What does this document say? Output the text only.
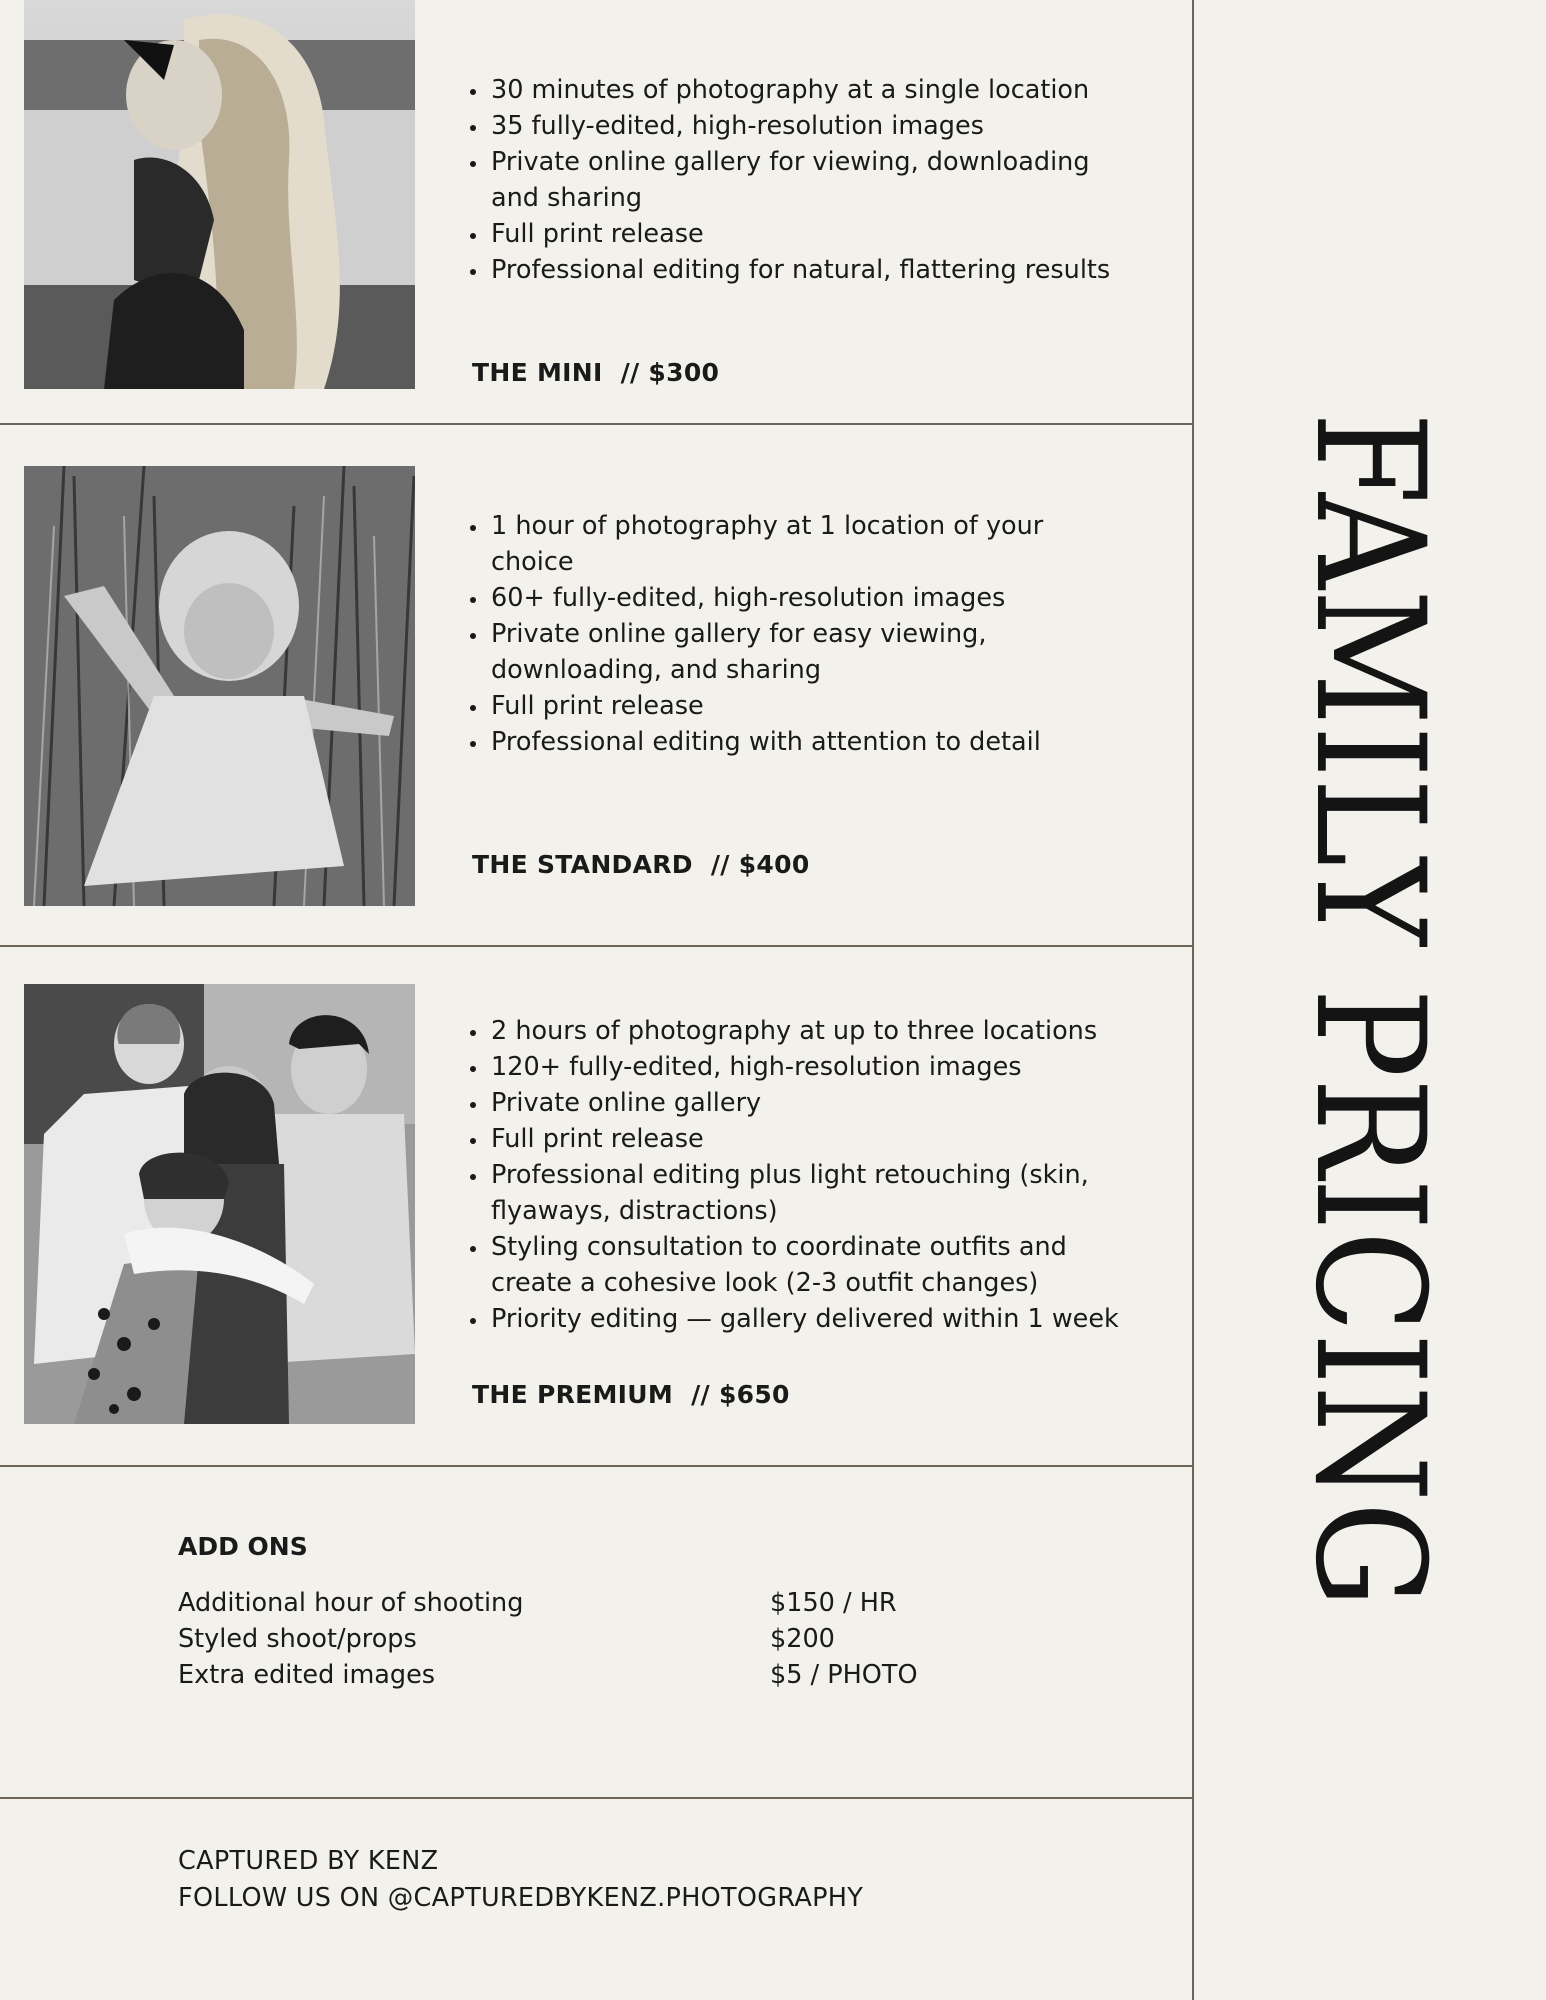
• 30 minutes of photography at a single location
• 35 fully-edited, high-resolution images
• Private online gallery for viewing, downloading and sharing
• Full print release
• Professional editing for natural, flattering results
THE MINI  // $300
• 1 hour of photography at 1 location of your choice
• 60+ fully-edited, high-resolution images
• Private online gallery for easy viewing, downloading, and sharing
• Full print release
• Professional editing with attention to detail
THE STANDARD  // $400
• 2 hours of photography at up to three locations
• 120+ fully-edited, high-resolution images
• Private online gallery
• Full print release
• Professional editing plus light retouching (skin, flyaways, distractions)
• Styling consultation to coordinate outfits and create a cohesive look (2-3 outfit changes)
• Priority editing — gallery delivered within 1 week
THE PREMIUM  // $650
ADD ONS
Additional hour of shooting	$150 / HR
Styled shoot/props	$200
Extra edited images	$5 / PHOTO
CAPTURED BY KENZ
FOLLOW US ON @CAPTUREDBYKENZ.PHOTOGRAPHY
FAMILY PRICING
